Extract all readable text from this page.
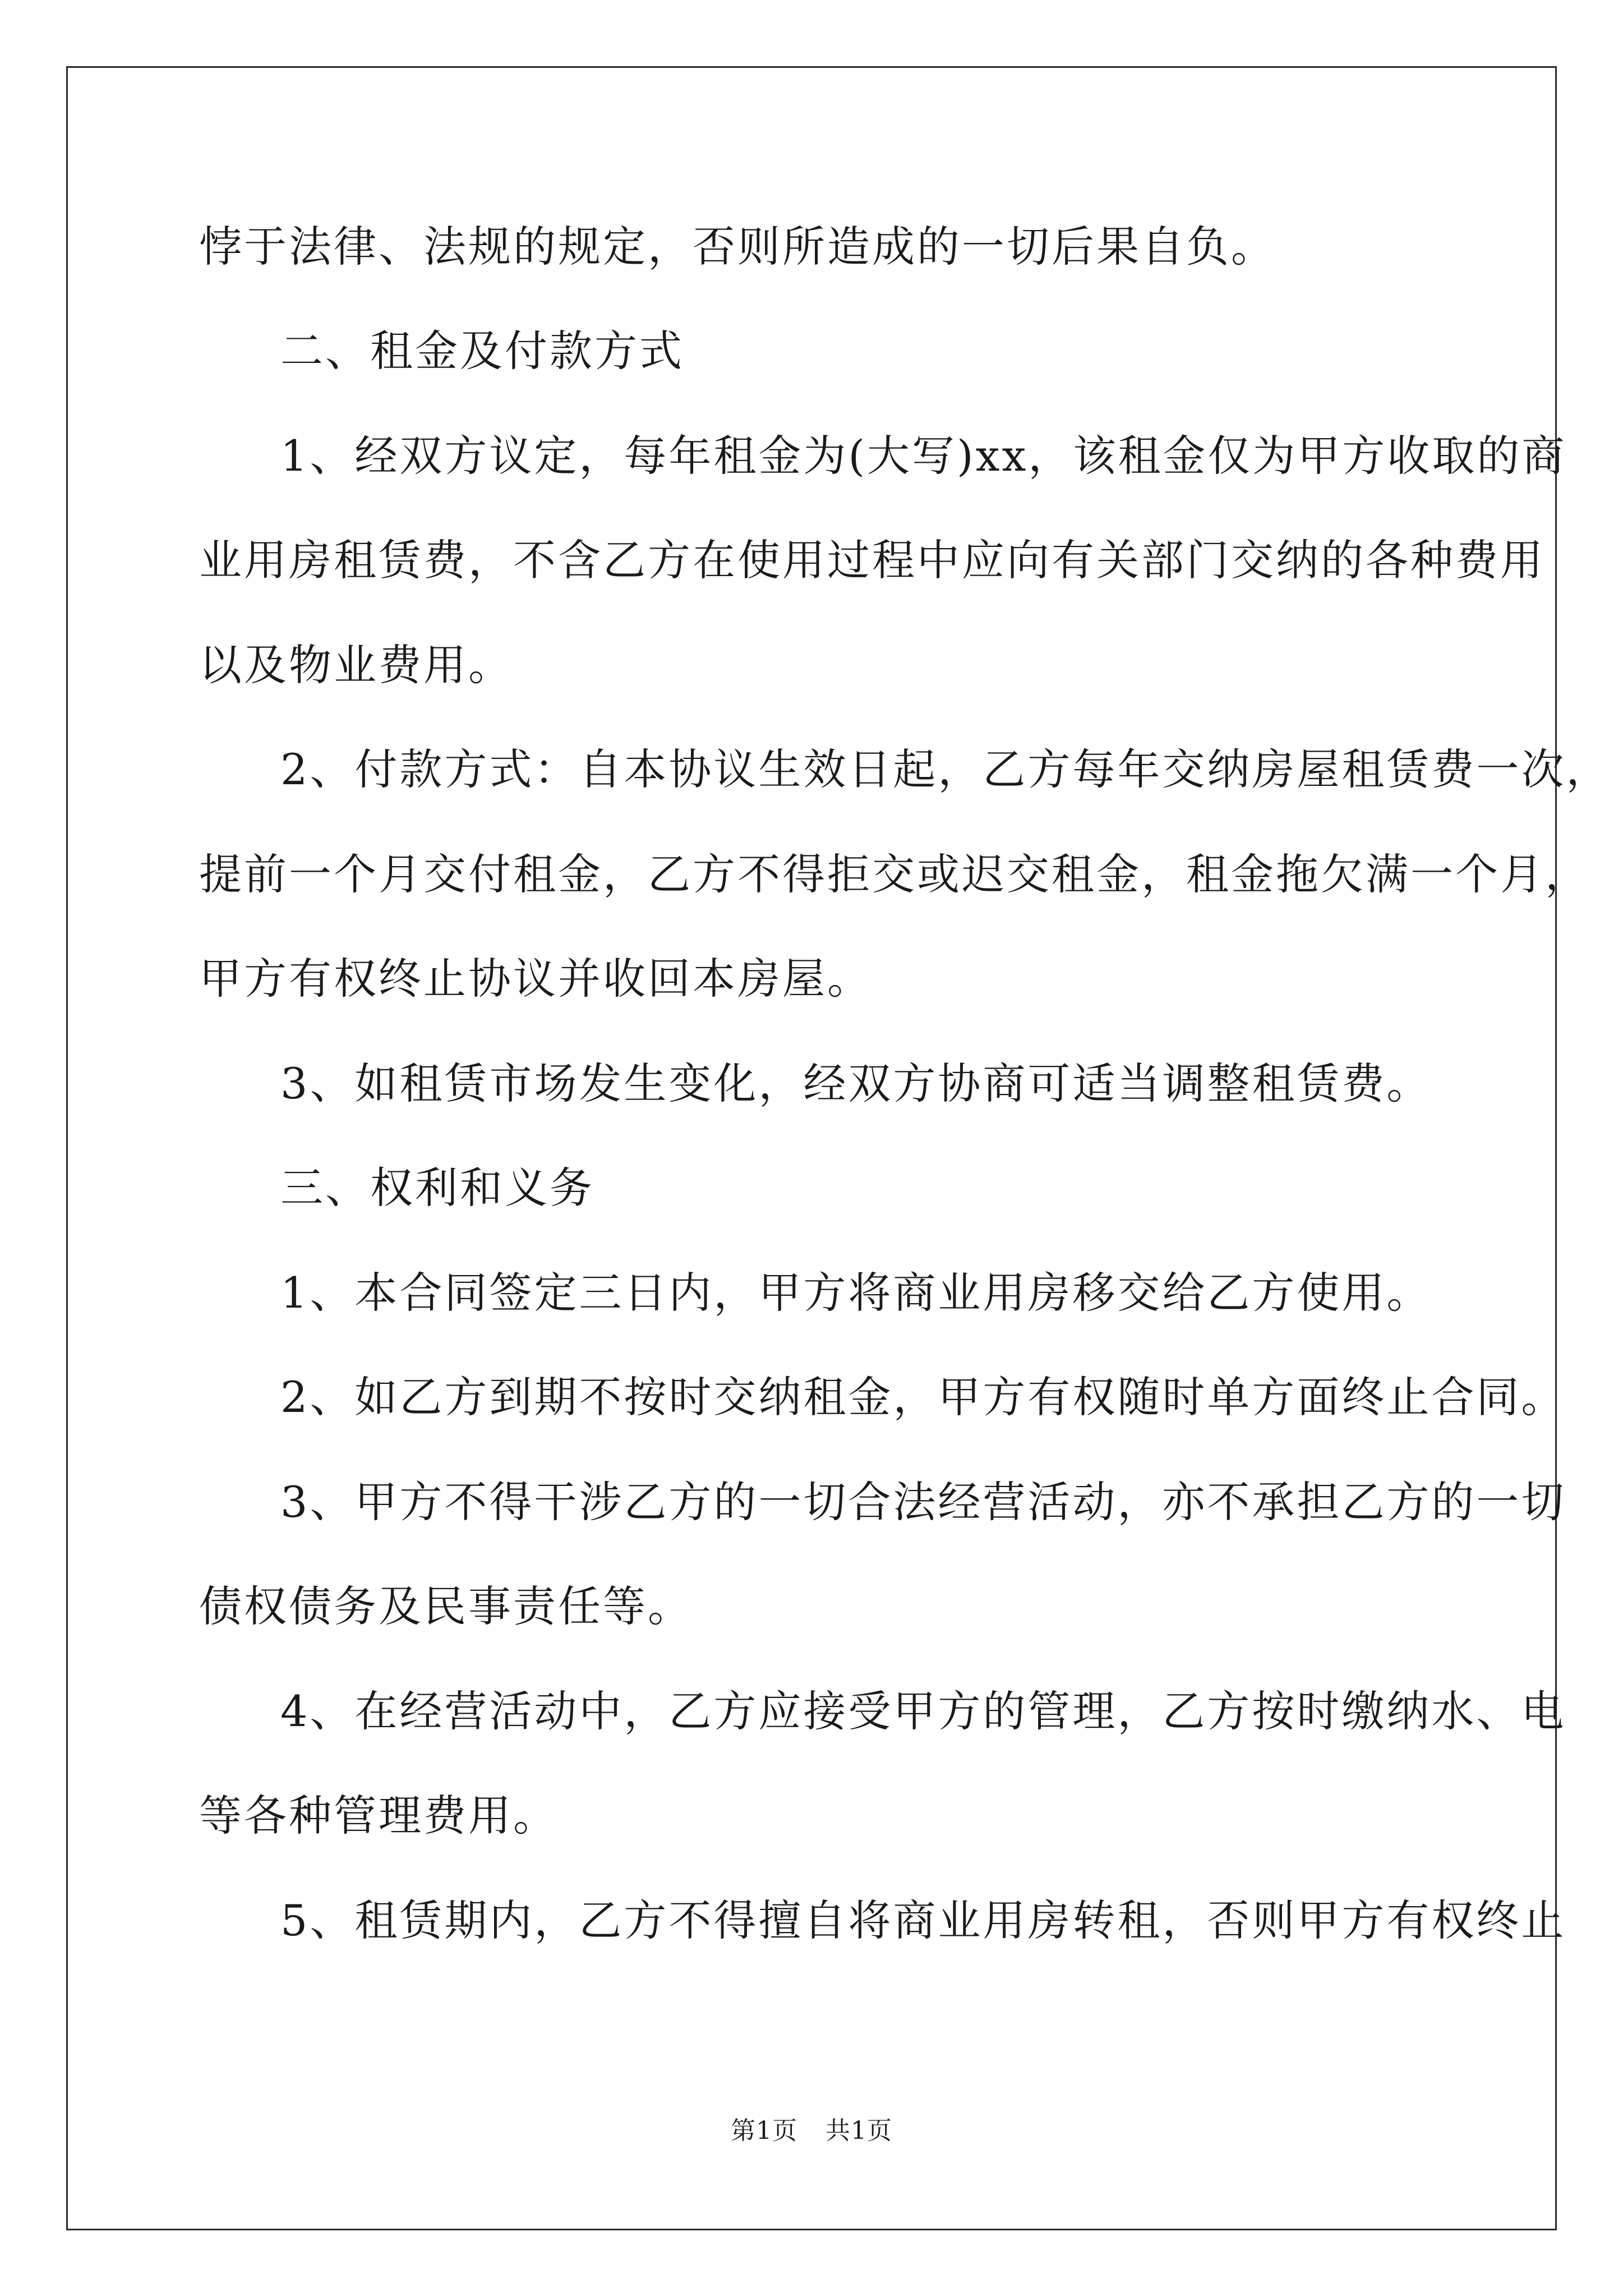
悖于法律、法规的规定，否则所造成的一切后果自负。
二、租金及付款方式
1、经双方议定，每年租金为(大写)xx，该租金仅为甲方收取的商
业用房租赁费，不含乙方在使用过程中应向有关部门交纳的各种费用
以及物业费用。
2、付款方式：自本协议生效日起，乙方每年交纳房屋租赁费一次，
提前一个月交付租金，乙方不得拒交或迟交租金，租金拖欠满一个月，
甲方有权终止协议并收回本房屋。
3、如租赁市场发生变化，经双方协商可适当调整租赁费。
三、权利和义务
1、本合同签定三日内，甲方将商业用房移交给乙方使用。
2、如乙方到期不按时交纳租金，甲方有权随时单方面终止合同。
3、甲方不得干涉乙方的一切合法经营活动，亦不承担乙方的一切
债权债务及民事责任等。
4、在经营活动中，乙方应接受甲方的管理，乙方按时缴纳水、电
等各种管理费用。
5、租赁期内，乙方不得擅自将商业用房转租，否则甲方有权终止
第1页 共1页
